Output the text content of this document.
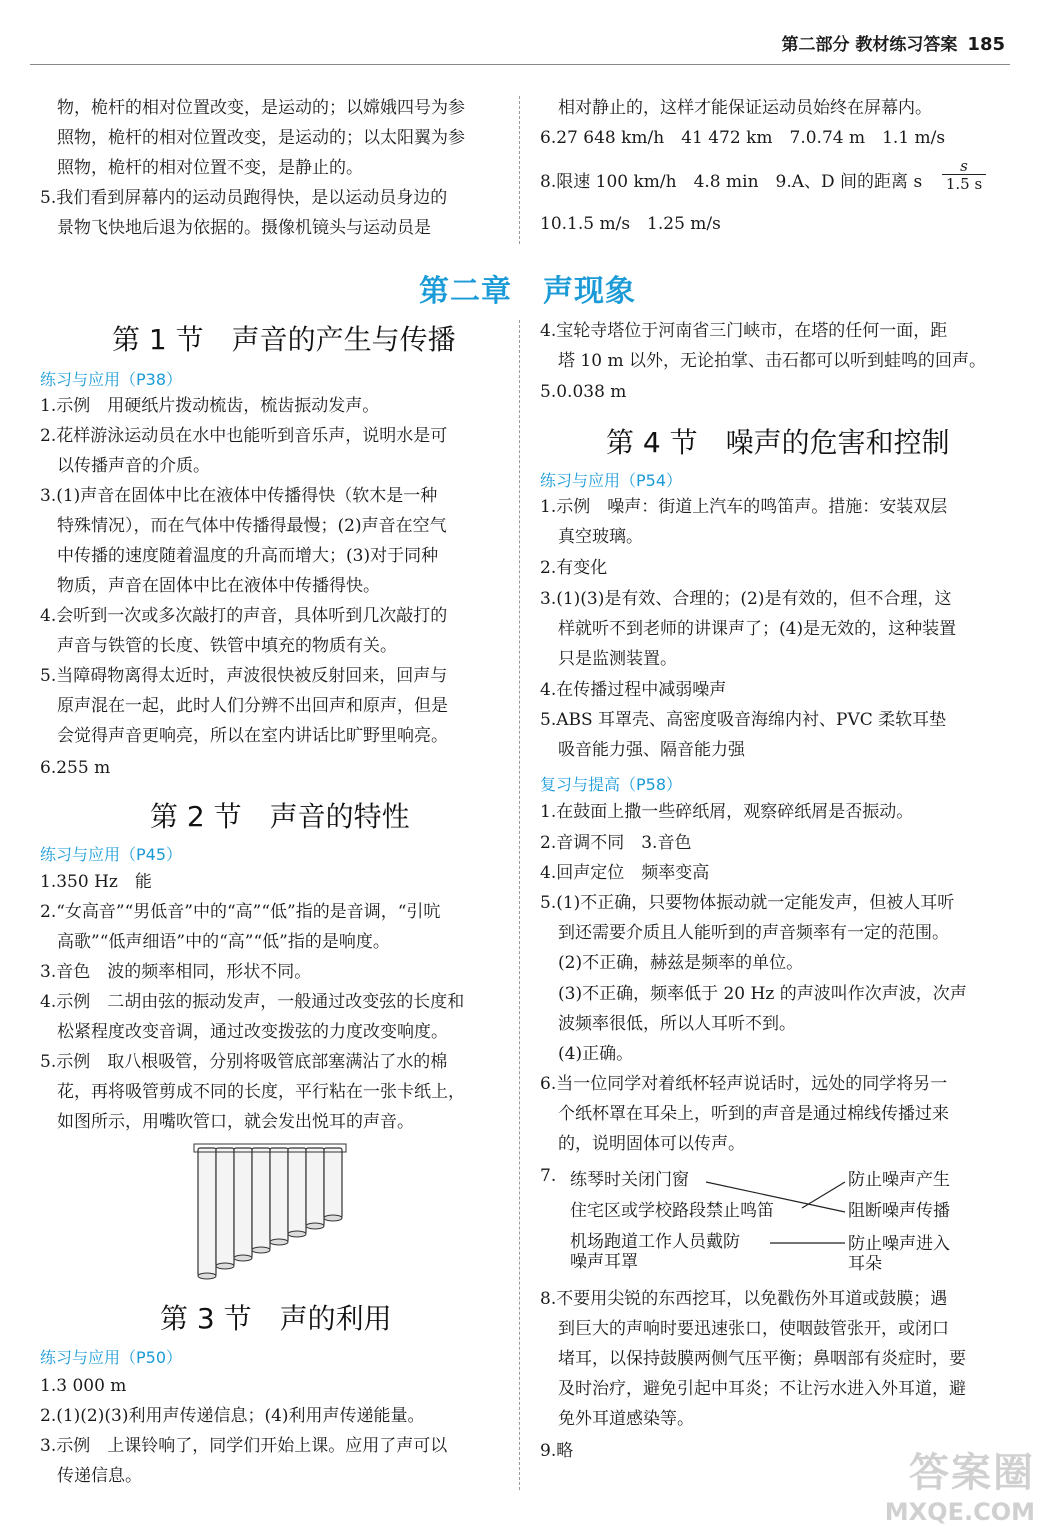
第二部分 教材练习答案 185
物，桅杆的相对位置改变，是运动的；以嫦娥四号为参
照物，桅杆的相对位置改变，是运动的；以太阳翼为参
照物，桅杆的相对位置不变，是静止的。
5.我们看到屏幕内的运动员跑得快，是以运动员身边的
景物飞快地后退为依据的。摄像机镜头与运动员是
相对静止的，这样才能保证运动员始终在屏幕内。
6.27 648 km/h　41 472 km　7.0.74 m　1.1 m/s
8.限速 100 km/h　4.8 min　9.A、D 间的距离 s $\frac{s}{1.5 s}$
10.1.5 m/s　1.25 m/s
第二章　声现象
第 1 节　声音的产生与传播
练习与应用（P38）
1.示例　用硬纸片拨动梳齿，梳齿振动发声。
2.花样游泳运动员在水中也能听到音乐声，说明水是可
以传播声音的介质。
3.(1)声音在固体中比在液体中传播得快（软木是一种
特殊情况），而在气体中传播得最慢；(2)声音在空气
中传播的速度随着温度的升高而增大；(3)对于同种
物质，声音在固体中比在液体中传播得快。
4.会听到一次或多次敲打的声音，具体听到几次敲打的
声音与铁管的长度、铁管中填充的物质有关。
5.当障碍物离得太近时，声波很快被反射回来，回声与
原声混在一起，此时人们分辨不出回声和原声，但是
会觉得声音更响亮，所以在室内讲话比旷野里响亮。
6.255 m
第 2 节　声音的特性
练习与应用（P45）
1.350 Hz　能
2.“女高音”“男低音”中的“高”“低”指的是音调，“引吭
高歌”“低声细语”中的“高”“低”指的是响度。
3.音色　波的频率相同，形状不同。
4.示例　二胡由弦的振动发声，一般通过改变弦的长度和
松紧程度改变音调，通过改变拨弦的力度改变响度。
5.示例　取八根吸管，分别将吸管底部塞满沾了水的棉
花，再将吸管剪成不同的长度，平行粘在一张卡纸上，
如图所示，用嘴吹管口，就会发出悦耳的声音。
第 3 节　声的利用
练习与应用（P50）
1.3 000 m
2.(1)(2)(3)利用声传递信息；(4)利用声传递能量。
3.示例　上课铃响了，同学们开始上课。应用了声可以
传递信息。
4.宝轮寺塔位于河南省三门峡市，在塔的任何一面，距
塔 10 m 以外，无论拍掌、击石都可以听到蛙鸣的回声。
5.0.038 m
第 4 节　噪声的危害和控制
练习与应用（P54）
1.示例　噪声：街道上汽车的鸣笛声。措施：安装双层
真空玻璃。
2.有变化
3.(1)(3)是有效、合理的；(2)是有效的，但不合理，这
样就听不到老师的讲课声了；(4)是无效的，这种装置
只是监测装置。
4.在传播过程中减弱噪声
5.ABS 耳罩壳、高密度吸音海绵内衬、PVC 柔软耳垫
吸音能力强、隔音能力强
复习与提高（P58）
1.在鼓面上撒一些碎纸屑，观察碎纸屑是否振动。
2.音调不同　3.音色
4.回声定位　频率变高
5.(1)不正确，只要物体振动就一定能发声，但被人耳听
到还需要介质且人能听到的声音频率有一定的范围。
(2)不正确，赫兹是频率的单位。
(3)不正确，频率低于 20 Hz 的声波叫作次声波，次声
波频率很低，所以人耳听不到。
(4)正确。
6.当一位同学对着纸杯轻声说话时，远处的同学将另一
个纸杯罩在耳朵上，听到的声音是通过棉线传播过来
的，说明固体可以传声。
7. 练琴时关闭门窗
住宅区或学校路段禁止鸣笛
机场跑道工作人员戴防
噪声耳罩
防止噪声产生
阻断噪声传播
防止噪声进入
耳朵
8.不要用尖锐的东西挖耳，以免戳伤外耳道或鼓膜；遇
到巨大的声响时要迅速张口，使咽鼓管张开，或闭口
堵耳，以保持鼓膜两侧气压平衡；鼻咽部有炎症时，要
及时治疗，避免引起中耳炎；不让污水进入外耳道，避
免外耳道感染等。
9.略	答案圈
MXQE.COM
